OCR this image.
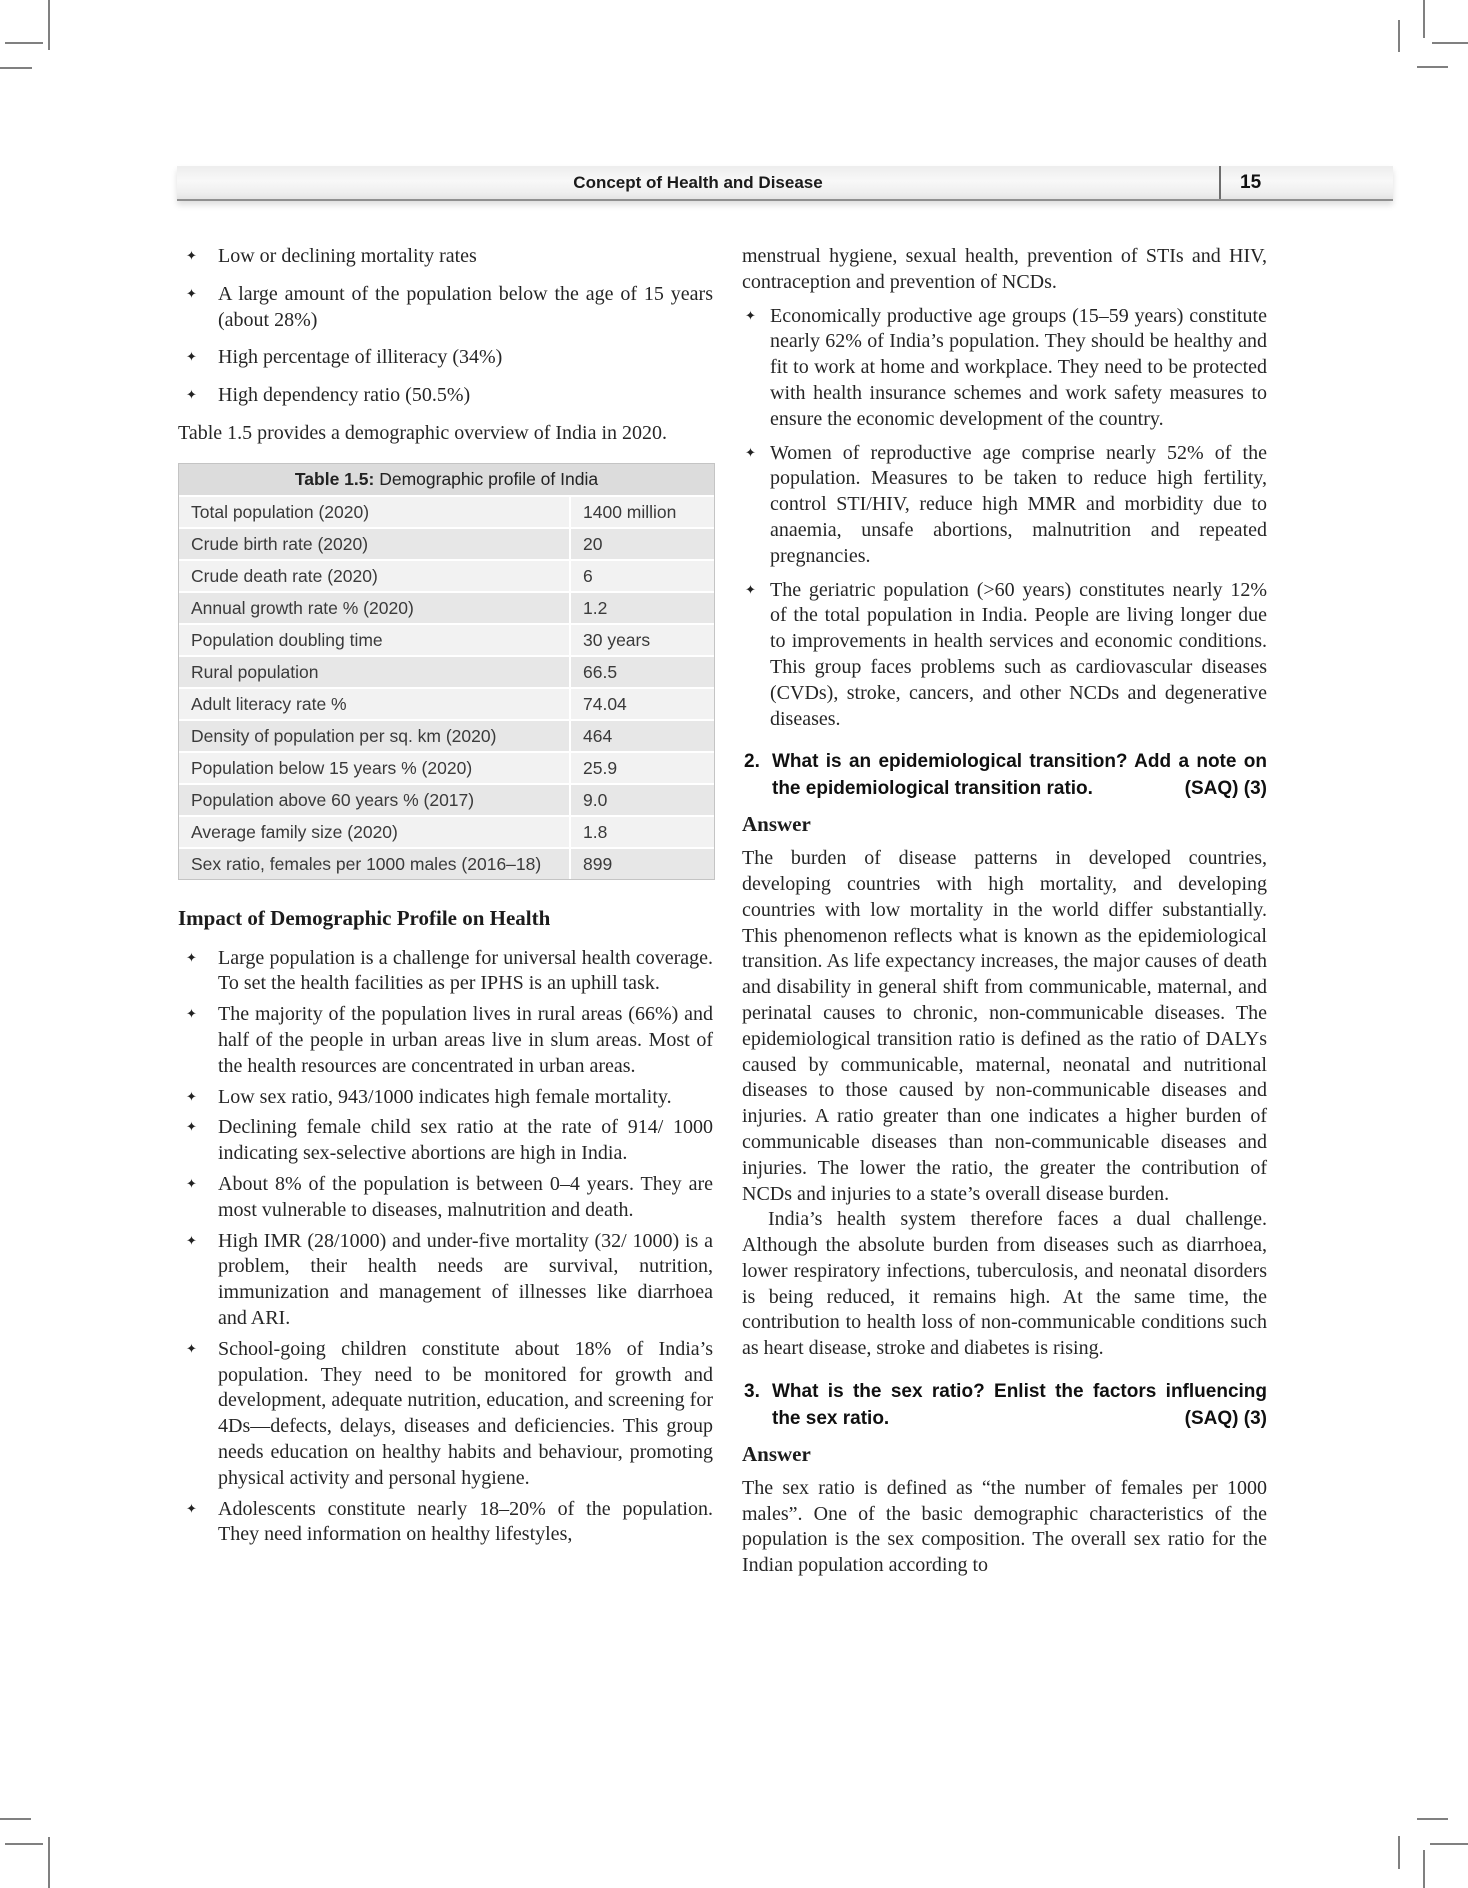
Concept of Health and Disease	15
✦	Low or declining mortality rates
✦	A large amount of the population below the age of 15 years (about 28%)
✦	High percentage of illiteracy (34%)
✦	High dependency ratio (50.5%)
Table 1.5 provides a demographic overview of India in 2020.
Table 1.5: Demographic profile of India
Total population (2020)	1400 million
Crude birth rate (2020)	20
Crude death rate (2020)	6
Annual growth rate % (2020)	1.2
Population doubling time	30 years
Rural population	66.5
Adult literacy rate %	74.04
Density of population per sq. km (2020)	464
Population below 15 years % (2020)	25.9
Population above 60 years % (2017)	9.0
Average family size (2020)	1.8
Sex ratio, females per 1000 males (2016–18)	899
Impact of Demographic Profile on Health
✦	Large population is a challenge for universal health coverage. To set the health facilities as per IPHS is an uphill task.
✦	The majority of the population lives in rural areas (66%) and half of the people in urban areas live in slum areas. Most of the health resources are concentrated in urban areas.
✦	Low sex ratio, 943/1000 indicates high female mortality.
✦	Declining female child sex ratio at the rate of 914/ 1000 indicating sex-selective abortions are high in India.
✦	About 8% of the population is between 0–4 years. They are most vulnerable to diseases, malnutrition and death.
✦	High IMR (28/1000) and under-five mortality (32/ 1000) is a problem, their health needs are survival, nutrition, immunization and management of illnesses like diarrhoea and ARI.
✦	School-going children constitute about 18% of India’s population. They need to be monitored for growth and development, adequate nutrition, education, and screening for 4Ds—defects, delays, diseases and deficiencies. This group needs education on healthy habits and behaviour, promoting physical activity and personal hygiene.
✦	Adolescents constitute nearly 18–20% of the population. They need information on healthy lifestyles,
menstrual hygiene, sexual health, prevention of STIs and HIV, contraception and prevention of NCDs.
✦ Economically productive age groups (15–59 years) constitute nearly 62% of India’s population. They should be healthy and fit to work at home and workplace. They need to be protected with health insurance schemes and work safety measures to ensure the economic development of the country.
✦ Women of reproductive age comprise nearly 52% of the population. Measures to be taken to reduce high fertility, control STI/HIV, reduce high MMR and morbidity due to anaemia, unsafe abortions, malnutrition and repeated pregnancies.
✦ The geriatric population (>60 years) constitutes nearly 12% of the total population in India. People are living longer due to improvements in health services and economic conditions. This group faces problems such as cardiovascular diseases (CVDs), stroke, cancers, and other NCDs and degenerative diseases.
2. What is an epidemiological transition? Add a note on the epidemiological transition ratio.	(SAQ) (3)
Answer
The burden of disease patterns in developed countries, developing countries with high mortality, and developing countries with low mortality in the world differ substantially. This phenomenon reflects what is known as the epidemiological transition. As life expectancy increases, the major causes of death and disability in general shift from communicable, maternal, and perinatal causes to chronic, non-communicable diseases. The epidemiological transition ratio is defined as the ratio of DALYs caused by communicable, maternal, neonatal and nutritional diseases to those caused by non-communicable diseases and injuries. A ratio greater than one indicates a higher burden of communicable diseases than non-communicable diseases and injuries. The lower the ratio, the greater the contribution of NCDs and injuries to a state’s overall disease burden.
India’s health system therefore faces a dual challenge. Although the absolute burden from diseases such as diarrhoea, lower respiratory infections, tuberculosis, and neonatal disorders is being reduced, it remains high. At the same time, the contribution to health loss of non-communicable conditions such as heart disease, stroke and diabetes is rising.
3. What is the sex ratio? Enlist the factors influencing the sex ratio.	(SAQ) (3)
Answer
The sex ratio is defined as “the number of females per 1000 males”. One of the basic demographic characteristics of the population is the sex composition. The overall sex ratio for the Indian population according to
